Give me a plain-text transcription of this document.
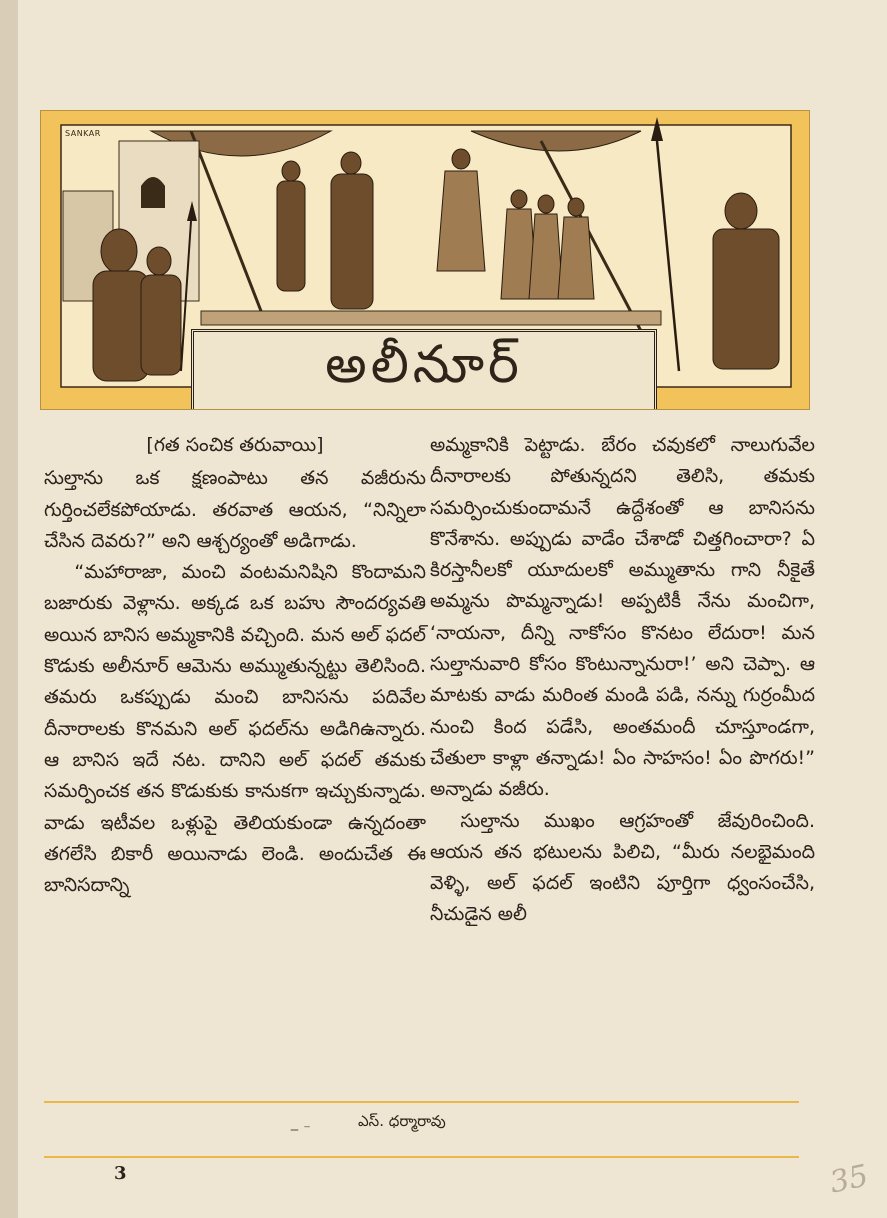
SANKAR
అలీనూర్

[గత సంచిక తరువాయి]

సుల్తాను ఒక క్షణంపాటు తన వజీరును గుర్తించలేకపోయాడు. తరవాత ఆయన, “నిన్నిలా చేసిన దెవరు?” అని ఆశ్చర్యంతో అడిగాడు.

“మహారాజా, మంచి వంటమనిషిని కొందామని బజారుకు వెళ్లాను. అక్కడ ఒక బహు సౌందర్యవతి అయిన బానిస అమ్మకానికి వచ్చింది. మన అల్ ఫదల్ కొడుకు అలీనూర్ ఆమెను అమ్ముతున్నట్టు తెలిసింది. తమరు ఒకప్పుడు మంచి బానిసను పదివేల దీనారాలకు కొనమని అల్ ఫదల్‌ను అడిగిఉన్నారు. ఆ బానిస ఇదే నట. దానిని అల్ ఫదల్ తమకు సమర్పించక తన కొడుకుకు కానుకగా ఇచ్చుకున్నాడు. వాడు ఇటీవల ఒళ్లుపై తెలియకుండా ఉన్నదంతా తగలేసి బికారీ అయినాడు లెండి. అందుచేత ఈ బానిసదాన్ని

అమ్మకానికి పెట్టాడు. బేరం చవుకలో నాలుగువేల దీనారాలకు పోతున్నదని తెలిసి, తమకు సమర్పించుకుందామనే ఉద్దేశంతో ఆ బానిసను కొనేశాను. అప్పుడు వాడేం చేశాడో చిత్తగించారా? ఏ కిరస్తానీలకో యూదులకో అమ్ముతాను గాని నీకైతే అమ్మను పొమ్మన్నాడు! అప్పటికీ నేను మంచిగా, ‘నాయనా, దీన్ని నాకోసం కొనటం లేదురా! మన సుల్తానువారి కోసం కొంటున్నానురా!’ అని చెప్పా. ఆ మాటకు వాడు మరింత మండి పడి, నన్ను గుర్రంమీద నుంచి కింద పడేసి, అంతమందీ చూస్తూండగా, చేతులా కాళ్లా తన్నాడు! ఏం సాహసం! ఏం పొగరు!” అన్నాడు వజీరు.

సుల్తాను ముఖం ఆగ్రహంతో జేవురించింది. ఆయన తన భటులను పిలిచి, “మీరు నలభైమంది వెళ్ళి, అల్ ఫదల్ ఇంటిని పూర్తిగా ధ్వంసంచేసి, నీచుడైన అలీ

‒ ⁻	ఎస్. ధర్మారావు
3	35
